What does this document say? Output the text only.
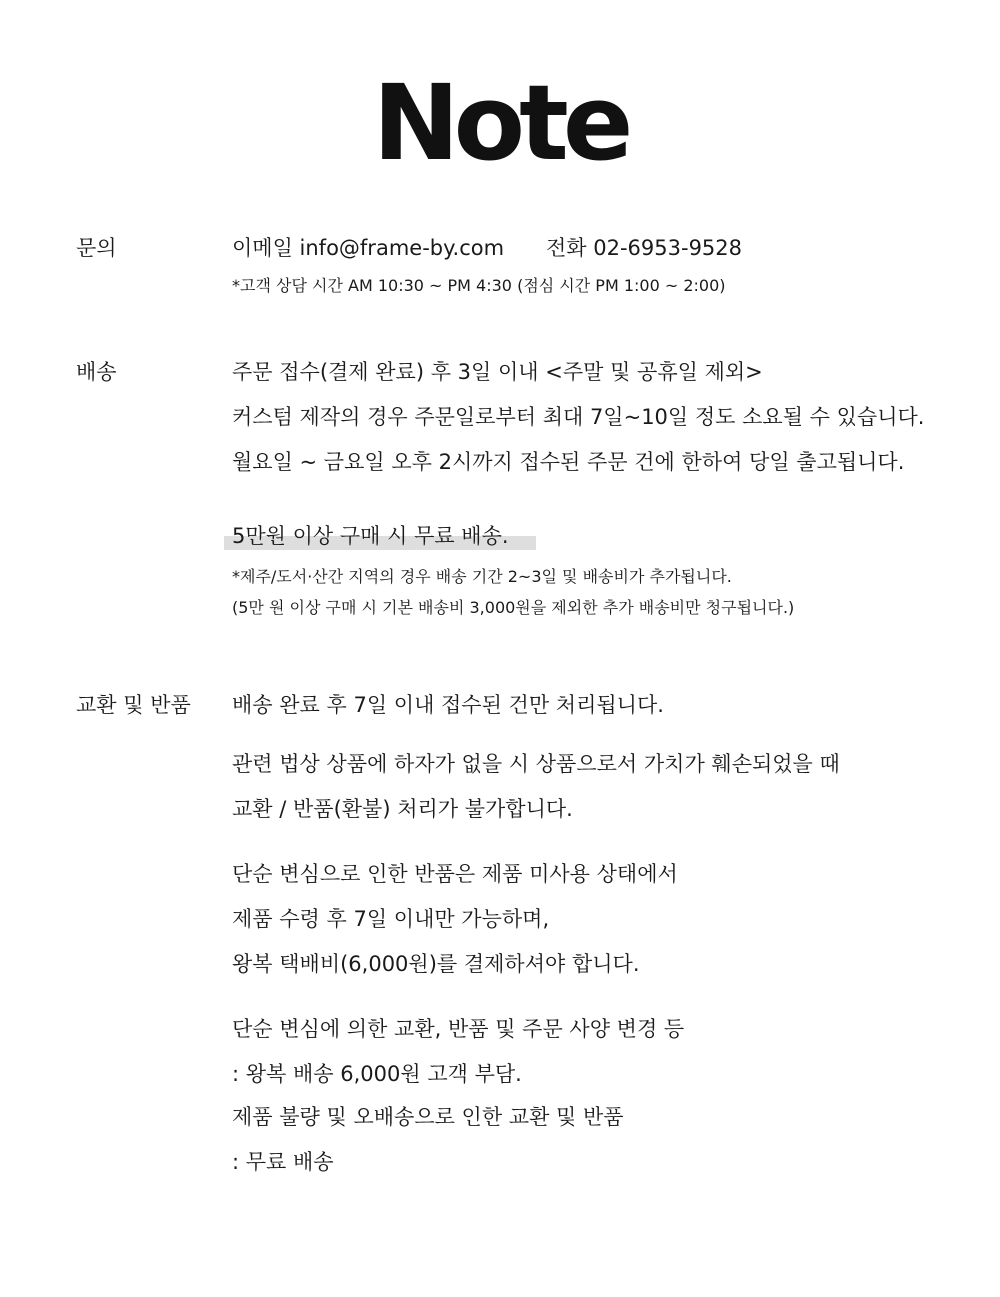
Note
문의	이메일 info@frame-by.com 전화 02-6953-9528
*고객 상담 시간 AM 10:30 ~ PM 4:30 (점심 시간 PM 1:00 ~ 2:00)
배송	주문 접수(결제 완료) 후 3일 이내 <주말 및 공휴일 제외>
커스텀 제작의 경우 주문일로부터 최대 7일~10일 정도 소요될 수 있습니다.
월요일 ~ 금요일 오후 2시까지 접수된 주문 건에 한하여 당일 출고됩니다.
5만원 이상 구매 시 무료 배송.
*제주/도서·산간 지역의 경우 배송 기간 2~3일 및 배송비가 추가됩니다.
(5만 원 이상 구매 시 기본 배송비 3,000원을 제외한 추가 배송비만 청구됩니다.)
교환 및 반품 배송 완료 후 7일 이내 접수된 건만 처리됩니다.
관련 법상 상품에 하자가 없을 시 상품으로서 가치가 훼손되었을 때
교환 / 반품(환불) 처리가 불가합니다.
단순 변심으로 인한 반품은 제품 미사용 상태에서
제품 수령 후 7일 이내만 가능하며,
왕복 택배비(6,000원)를 결제하셔야 합니다.
단순 변심에 의한 교환, 반품 및 주문 사양 변경 등
: 왕복 배송 6,000원 고객 부담.
제품 불량 및 오배송으로 인한 교환 및 반품
: 무료 배송
